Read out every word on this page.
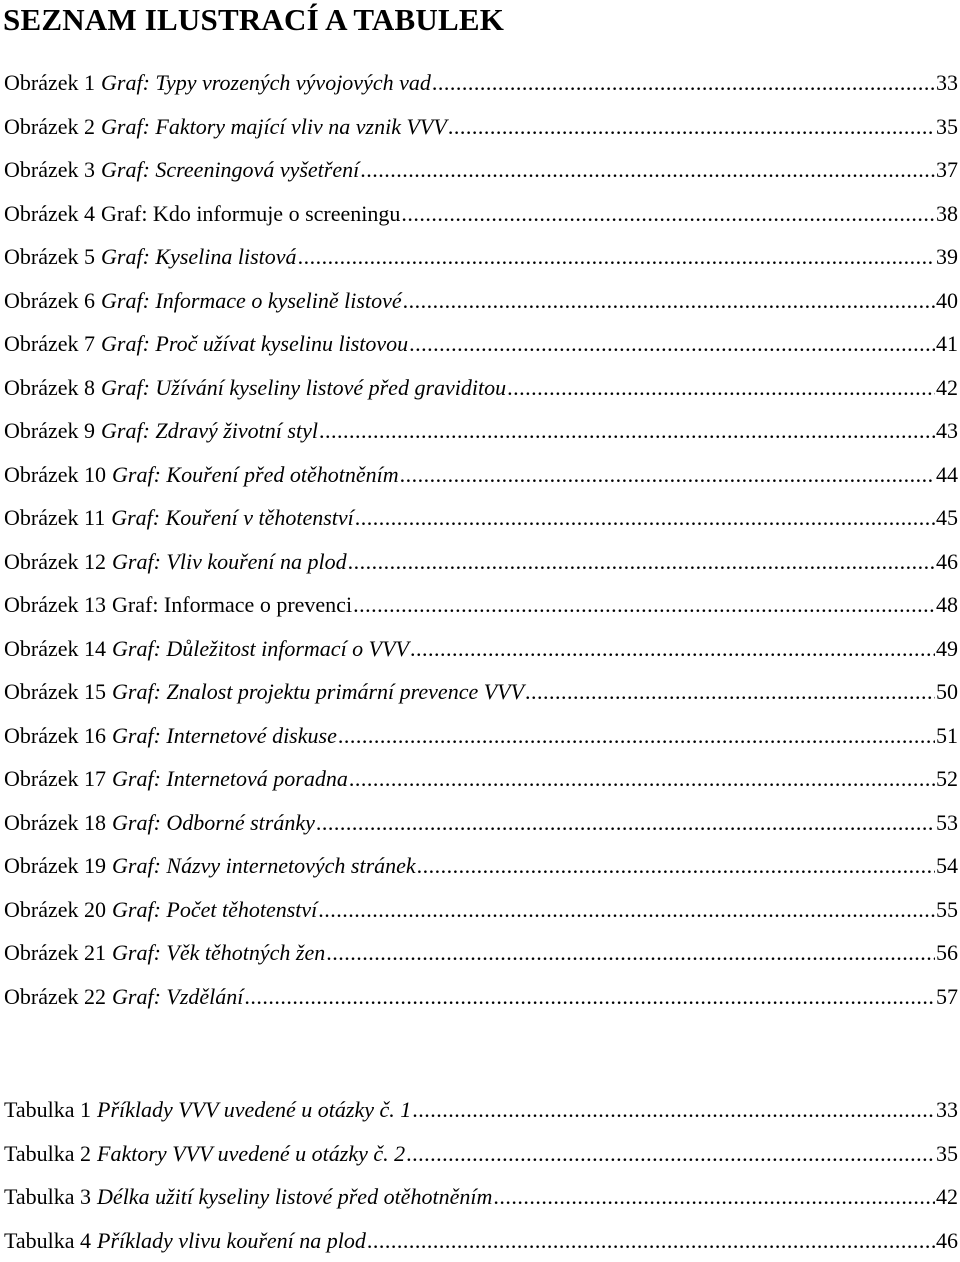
SEZNAM ILUSTRACÍ A TABULEK
Obrázek 1 Graf: Typy vrozených vývojových vad .....	33
Obrázek 2 Graf: Faktory mající vliv na vznik VVV .....	35
Obrázek 3 Graf: Screeningová vyšetření .....	37
Obrázek 4 Graf: Kdo informuje o screeningu .....	38
Obrázek 5 Graf: Kyselina listová .....	39
Obrázek 6 Graf: Informace o kyselině listové .....	40
Obrázek 7 Graf: Proč užívat kyselinu listovou .....	41
Obrázek 8 Graf: Užívání kyseliny listové před graviditou .....	42
Obrázek 9 Graf: Zdravý životní styl .....	43
Obrázek 10 Graf: Kouření před otěhotněním .....	44
Obrázek 11 Graf: Kouření v těhotenství .....	45
Obrázek 12 Graf: Vliv kouření na plod .....	46
Obrázek 13 Graf: Informace o prevenci .....	48
Obrázek 14 Graf: Důležitost informací o VVV .....	49
Obrázek 15 Graf: Znalost projektu primární prevence VVV .....	50
Obrázek 16 Graf: Internetové diskuse .....	51
Obrázek 17 Graf: Internetová poradna .....	52
Obrázek 18 Graf: Odborné stránky .....	53
Obrázek 19 Graf: Názvy internetových stránek .....	54
Obrázek 20 Graf: Počet těhotenství .....	55
Obrázek 21 Graf: Věk těhotných žen .....	56
Obrázek 22 Graf: Vzdělání .....	57
Tabulka 1 Příklady VVV uvedené u otázky č. 1 .....	33
Tabulka 2 Faktory VVV uvedené u otázky č. 2 .....	35
Tabulka 3 Délka užití kyseliny listové před otěhotněním .....	42
Tabulka 4 Příklady vlivu kouření na plod .....	46
